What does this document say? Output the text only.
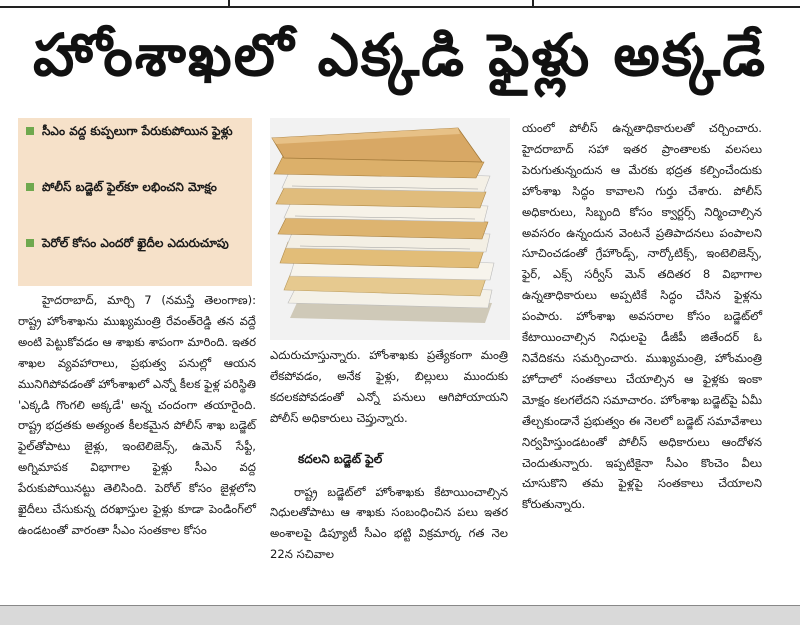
హోంశాఖలో ఎక్కడి ఫైళ్లు అక్కడే
సీఎం వద్ద కుప్పలుగా పేరుకుపోయిన ఫైళ్లు
పోలీస్ బడ్జెట్ ఫైల్‌కూ లభించని మోక్షం
పెరోల్ కోసం ఎందరో ఖైదీల ఎదురుచూపు

హైదరాబాద్, మార్చి 7 (నమస్తే తెలంగాణ): రాష్ట్ర హోంశాఖను ముఖ్యమంత్రి రేవంత్‌రెడ్డి తన వద్దే అంటి పెట్టుకోవడం ఆ శాఖకు శాపంగా మారింది. ఇతర శాఖల వ్యవహారాలు, ప్రభుత్వ పనుల్లో ఆయన మునిగిపోవడంతో హోంశాఖలో ఎన్నో కీలక ఫైళ్ల పరిస్థితి 'ఎక్కడి గొంగలి అక్కడే' అన్న చందంగా తయారైంది. రాష్ట్ర భద్రతకు అత్యంత కీలకమైన పోలీస్ శాఖ బడ్జెట్ ఫైల్‌తోపాటు జైళ్లు, ఇంటెలిజెన్స్, ఉమెన్ సేఫ్టీ, అగ్నిమాపక విభాగాల ఫైళ్లు సీఎం వద్ద పేరుకుపోయినట్టు తెలిసింది. పెరోల్ కోసం జైళ్లలోని ఖైదీలు చేసుకున్న దరఖాస్తుల ఫైళ్లు కూడా పెండింగ్‌లో ఉండటంతో వారంతా సీఎం సంతకాల కోసం

ఎదురుచూస్తున్నారు. హోంశాఖకు ప్రత్యేకంగా మంత్రి లేకపోవడం, అనేక ఫైళ్లు, బిల్లులు ముందుకు కదలకపోవడంతో ఎన్నో పనులు ఆగిపోయాయని పోలీస్ అధికారులు చెప్తున్నారు.

కదలని బడ్జెట్ ఫైల్

రాష్ట్ర బడ్జెట్‌లో హోంశాఖకు కేటాయించాల్సిన నిధులతోపాటు ఆ శాఖకు సంబంధించిన పలు ఇతర అంశాలపై డిప్యూటీ సీఎం భట్టి విక్రమార్క గత నెల 22న సచివాల

యంలో పోలీస్ ఉన్నతాధికారులతో చర్చించారు. హైదరాబాద్ సహా ఇతర ప్రాంతాలకు వలసలు పెరుగుతున్నందున ఆ మేరకు భద్రత కల్పించేందుకు హోంశాఖ సిద్ధం కావాలని గుర్తు చేశారు. పోలీస్ అధికారులు, సిబ్బంది కోసం క్వార్టర్స్ నిర్మించాల్సిన అవసరం ఉన్నందున వెంటనే ప్రతిపాదనలు పంపాలని సూచించడంతో గ్రేహౌండ్స్, నార్కోటిక్స్, ఇంటెలిజెన్స్, ఫైర్, ఎక్స్ సర్వీస్ మెన్ తదితర 8 విభాగాల ఉన్నతాధికారులు అప్పటికే సిద్ధం చేసిన ఫైళ్లను పంపారు. హోంశాఖ అవసరాల కోసం బడ్జెట్‌లో కేటాయించాల్సిన నిధులపై డీజీపీ జితేందర్ ఓ నివేదికను సమర్పించారు. ముఖ్యమంత్రి, హోంమంత్రి హోదాలో సంతకాలు చేయాల్సిన ఆ ఫైళ్లకు ఇంకా మోక్షం కలగలేదని సమాచారం. హోంశాఖ బడ్జెట్‌పై ఏమీ తేల్చకుండానే ప్రభుత్వం ఈ నెలలో బడ్జెట్ సమావేశాలు నిర్వహిస్తుండటంతో పోలీస్ అధికారులు ఆందోళన చెందుతున్నారు. ఇప్పటికైనా సీఎం కొంచెం వీలు చూసుకొని తమ ఫైళ్లపై సంతకాలు చేయాలని కోరుతున్నారు.
